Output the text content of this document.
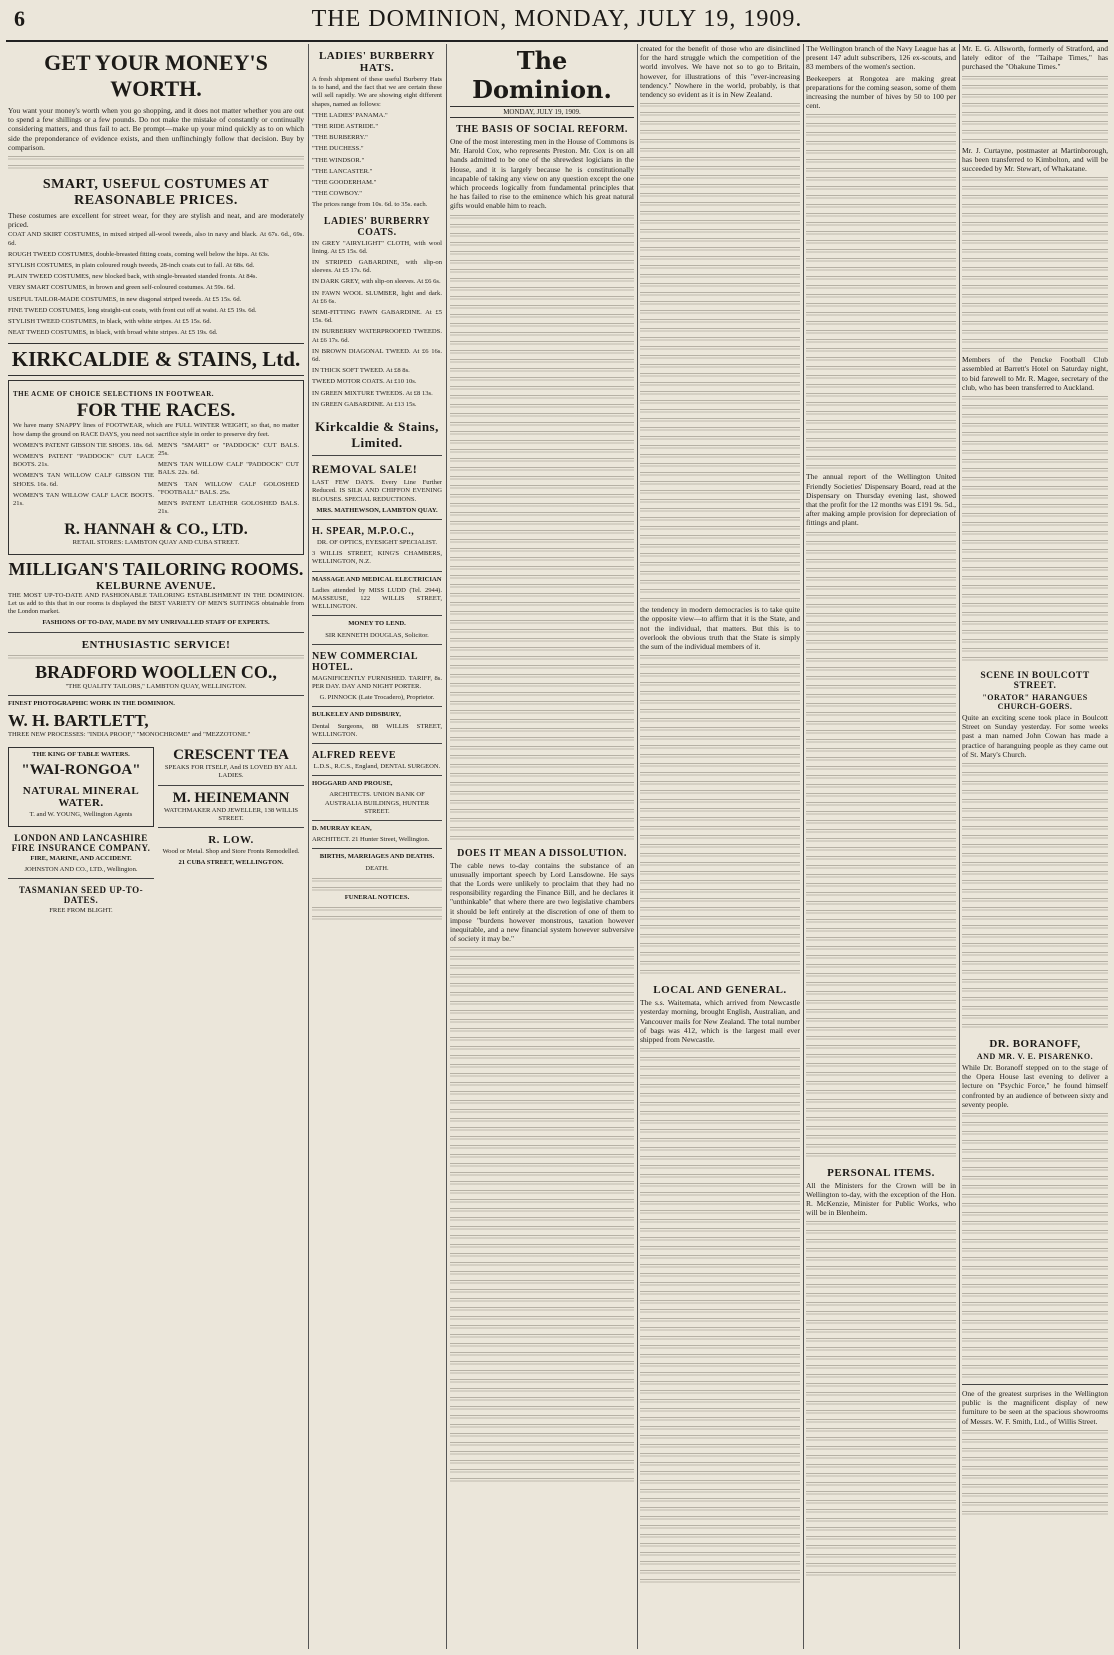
6	THE DOMINION, MONDAY, JULY 19, 1909.
GET YOUR MONEY'S WORTH.

You want your money's worth when you go shopping, and it does not matter whether you are out to spend a few shillings or a few pounds. Do not make the mistake of constantly or continually considering matters, and thus fail to act. Be prompt—make up your mind quickly as to on which side the preponderance of evidence exists, and then unflinchingly follow that decision. Buy by comparison.

SMART, USEFUL COSTUMES AT REASONABLE PRICES.

These costumes are excellent for street wear, for they are stylish and neat, and are moderately priced.

COAT AND SKIRT COSTUMES, in mixed striped all-wool tweeds, also in navy and black. At 67s. 6d., 69s. 6d.

ROUGH TWEED COSTUMES, double-breasted fitting coats, coming well below the hips. At 63s.

STYLISH COSTUMES, in plain coloured rough tweeds, 28-inch coats cut to fall. At 68s. 6d.

PLAIN TWEED COSTUMES, new blocked back, with single-breasted standed fronts. At 84s.

VERY SMART COSTUMES, in brown and green self-coloured costumes. At 59s. 6d.

USEFUL TAILOR-MADE COSTUMES, in new diagonal striped tweeds. At £5 15s. 6d.

FINE TWEED COSTUMES, long straight-cut coats, with front cut off at waist. At £5 19s. 6d.

STYLISH TWEED COSTUMES, in black, with white stripes. At £5 15s. 6d.

NEAT TWEED COSTUMES, in black, with broad white stripes. At £5 19s. 6d.

KIRKCALDIE & STAINS, Ltd.
THE ACME OF CHOICE SELECTIONS IN FOOTWEAR.
FOR THE RACES.

We have many SNAPPY lines of FOOTWEAR, which are FULL WINTER WEIGHT, so that, no matter how damp the ground on RACE DAYS, you need not sacrifice style in order to preserve dry feet.

WOMEN'S PATENT GIBSON TIE SHOES. 18s. 6d.

WOMEN'S PATENT "PADDOCK" CUT LACE BOOTS. 21s.

WOMEN'S TAN WILLOW CALF GIBSON TIE SHOES. 16s. 6d.

WOMEN'S TAN WILLOW CALF LACE BOOTS. 21s.

MEN'S "SMART" or "PADDOCK" CUT BALS. 25s.

MEN'S TAN WILLOW CALF "PADDOCK" CUT BALS. 22s. 6d.

MEN'S TAN WILLOW CALF GOLOSHED "FOOTBALL" BALS. 25s.

MEN'S PATENT LEATHER GOLOSHED BALS. 21s.

R. HANNAH & CO., LTD.
RETAIL STORES: LAMBTON QUAY AND CUBA STREET.
MILLIGAN'S TAILORING ROOMS.
KELBURNE AVENUE.

THE MOST UP-TO-DATE AND FASHIONABLE TAILORING ESTABLISHMENT IN THE DOMINION. Let us add to this that in our rooms is displayed the BEST VARIETY OF MEN'S SUITINGS obtainable from the London market.

FASHIONS OF TO-DAY, MADE BY MY UNRIVALLED STAFF OF EXPERTS.
ENTHUSIASTIC SERVICE!
BRADFORD WOOLLEN CO.,
"THE QUALITY TAILORS," LAMBTON QUAY, WELLINGTON.
FINEST PHOTOGRAPHIC WORK IN THE DOMINION.
W. H. BARTLETT,
THREE NEW PROCESSES: "INDIA PROOF," "MONOCHROME" and "MEZZOTONE."
THE KING OF TABLE WATERS.
"WAI-RONGOA"
NATURAL MINERAL WATER.
T. and W. YOUNG, Wellington Agents
LONDON AND LANCASHIRE FIRE INSURANCE COMPANY.
FIRE, MARINE, AND ACCIDENT.
JOHNSTON AND CO., LTD., Wellington.
TASMANIAN SEED UP-TO-DATES.
FREE FROM BLIGHT.
CRESCENT TEA
SPEAKS FOR ITSELF, And IS LOVED BY ALL LADIES.
M. HEINEMANN
WATCHMAKER AND JEWELLER, 138 WILLIS STREET.
R. LOW.
Wood or Metal. Shop and Store Fronts Remodelled.
21 CUBA STREET, WELLINGTON.
LADIES' BURBERRY HATS.

A fresh shipment of these useful Burberry Hats is to hand, and the fact that we are certain these will sell rapidly. We are showing eight different shapes, named as follows:

"THE LADIES' PANAMA."
"THE RIDE ASTRIDE."
"THE BURBERRY."
"THE DUCHESS."
"THE WINDSOR."
"THE LANCASTER."
"THE GOODERHAM."
"THE COWBOY."

The prices range from 10s. 6d. to 35s. each.

LADIES' BURBERRY COATS.

IN GREY "AIRYLIGHT" CLOTH, with wool lining. At £5 15s. 6d.

IN STRIPED GABARDINE, with slip-on sleeves. At £5 17s. 6d.

IN DARK GREY, with slip-on sleeves. At £6 6s.

IN FAWN WOOL SLUMBER, light and dark. At £6 6s.

SEMI-FITTING FAWN GABARDINE. At £5 15s. 6d.

IN BURBERRY WATERPROOFED TWEEDS. At £6 17s. 6d.

IN BROWN DIAGONAL TWEED. At £6 16s. 6d.

IN THICK SOFT TWEED. At £8 8s.

TWEED MOTOR COATS. At £10 10s.

IN GREEN MIXTURE TWEEDS. At £8 13s.

IN GREEN GABARDINE. At £13 15s.

Kirkcaldie & Stains, Limited.
REMOVAL SALE!

LAST FEW DAYS. Every Line Further Reduced. IS SILK AND CHIFFON EVENING BLOUSES. SPECIAL REDUCTIONS.

MRS. MATHEWSON, LAMBTON QUAY.
H. SPEAR, M.P.O.C.,
DR. OF OPTICS, EYESIGHT SPECIALIST.
3 WILLIS STREET, KING'S CHAMBERS, WELLINGTON, N.Z.
MASSAGE AND MEDICAL ELECTRICIAN

Ladies attended by MISS LUDD (Tel. 2944). MASSEUSE, 122 WILLIS STREET, WELLINGTON.

MONEY TO LEND.
SIR KENNETH DOUGLAS, Solicitor.
NEW COMMERCIAL HOTEL.

MAGNIFICENTLY FURNISHED. TARIFF, 8s. PER DAY. DAY AND NIGHT PORTER.

G. PINNOCK (Late Trocadero), Proprietor.
BULKELEY AND DIDSBURY,
Dental Surgeons, 88 WILLIS STREET, WELLINGTON.
ALFRED REEVE
L.D.S., R.C.S., England, DENTAL SURGEON.
HOGGARD AND PROUSE,
ARCHITECTS. UNION BANK OF AUSTRALIA BUILDINGS, HUNTER STREET.
D. MURRAY KEAN,
ARCHITECT. 21 Hunter Street, Wellington.
BIRTHS, MARRIAGES AND DEATHS.
DEATH.
FUNERAL NOTICES.
The Dominion.
MONDAY, JULY 19, 1909.
THE BASIS OF SOCIAL REFORM.

One of the most interesting men in the House of Commons is Mr. Harold Cox, who represents Preston. Mr. Cox is on all hands admitted to be one of the shrewdest logicians in the House, and it is largely because he is constitutionally incapable of taking any view on any question except the one which proceeds logically from fundamental principles that he has failed to rise to the eminence which his great natural gifts would enable him to reach.

DOES IT MEAN A DISSOLUTION.

The cable news to-day contains the substance of an unusually important speech by Lord Lansdowne. He says that the Lords were unlikely to proclaim that they had no responsibility regarding the Finance Bill, and he declares it "unthinkable" that where there are two legislative chambers it should be left entirely at the discretion of one of them to impose "burdens however monstrous, taxation however inequitable, and a new financial system however subversive of society it may be."

created for the benefit of those who are disinclined for the hard struggle which the competition of the world involves. We have not so to go to Britain, however, for illustrations of this "ever-increasing tendency." Nowhere in the world, probably, is that tendency so evident as it is in New Zealand.

the tendency in modern democracies is to take quite the opposite view—to affirm that it is the State, and not the individual, that matters. But this is to overlook the obvious truth that the State is simply the sum of the individual members of it.

LOCAL AND GENERAL.

The s.s. Waitemata, which arrived from Newcastle yesterday morning, brought English, Australian, and Vancouver mails for New Zealand. The total number of bags was 412, which is the largest mail ever shipped from Newcastle.

The Wellington branch of the Navy League has at present 147 adult subscribers, 126 ex-scouts, and 83 members of the women's section.

Beekeepers at Rongotea are making great preparations for the coming season, some of them increasing the number of hives by 50 to 100 per cent.

The annual report of the Wellington United Friendly Societies' Dispensary Board, read at the Dispensary on Thursday evening last, showed that the profit for the 12 months was £191 9s. 5d., after making ample provision for depreciation of fittings and plant.

PERSONAL ITEMS.

All the Ministers for the Crown will be in Wellington to-day, with the exception of the Hon. R. McKenzie, Minister for Public Works, who will be in Blenheim.

Mr. E. G. Allsworth, formerly of Stratford, and lately editor of the "Taihape Times," has purchased the "Ohakune Times."

Mr. J. Curtayne, postmaster at Martinborough, has been transferred to Kimbolton, and will be succeeded by Mr. Stewart, of Whakatane.

Members of the Pencke Football Club assembled at Barrett's Hotel on Saturday night, to bid farewell to Mr. R. Magee, secretary of the club, who has been transferred to Auckland.

SCENE IN BOULCOTT STREET.
"ORATOR" HARANGUES CHURCH-GOERS.

Quite an exciting scene took place in Boulcott Street on Sunday yesterday. For some weeks past a man named John Cowan has made a practice of haranguing people as they came out of St. Mary's Church.

DR. BORANOFF,
AND MR. V. E. PISARENKO.

While Dr. Boranoff stepped on to the stage of the Opera House last evening to deliver a lecture on "Psychic Force," he found himself confronted by an audience of between sixty and seventy people.

One of the greatest surprises in the Wellington public is the magnificent display of new furniture to be seen at the spacious showrooms of Messrs. W. F. Smith, Ltd., of Willis Street.
